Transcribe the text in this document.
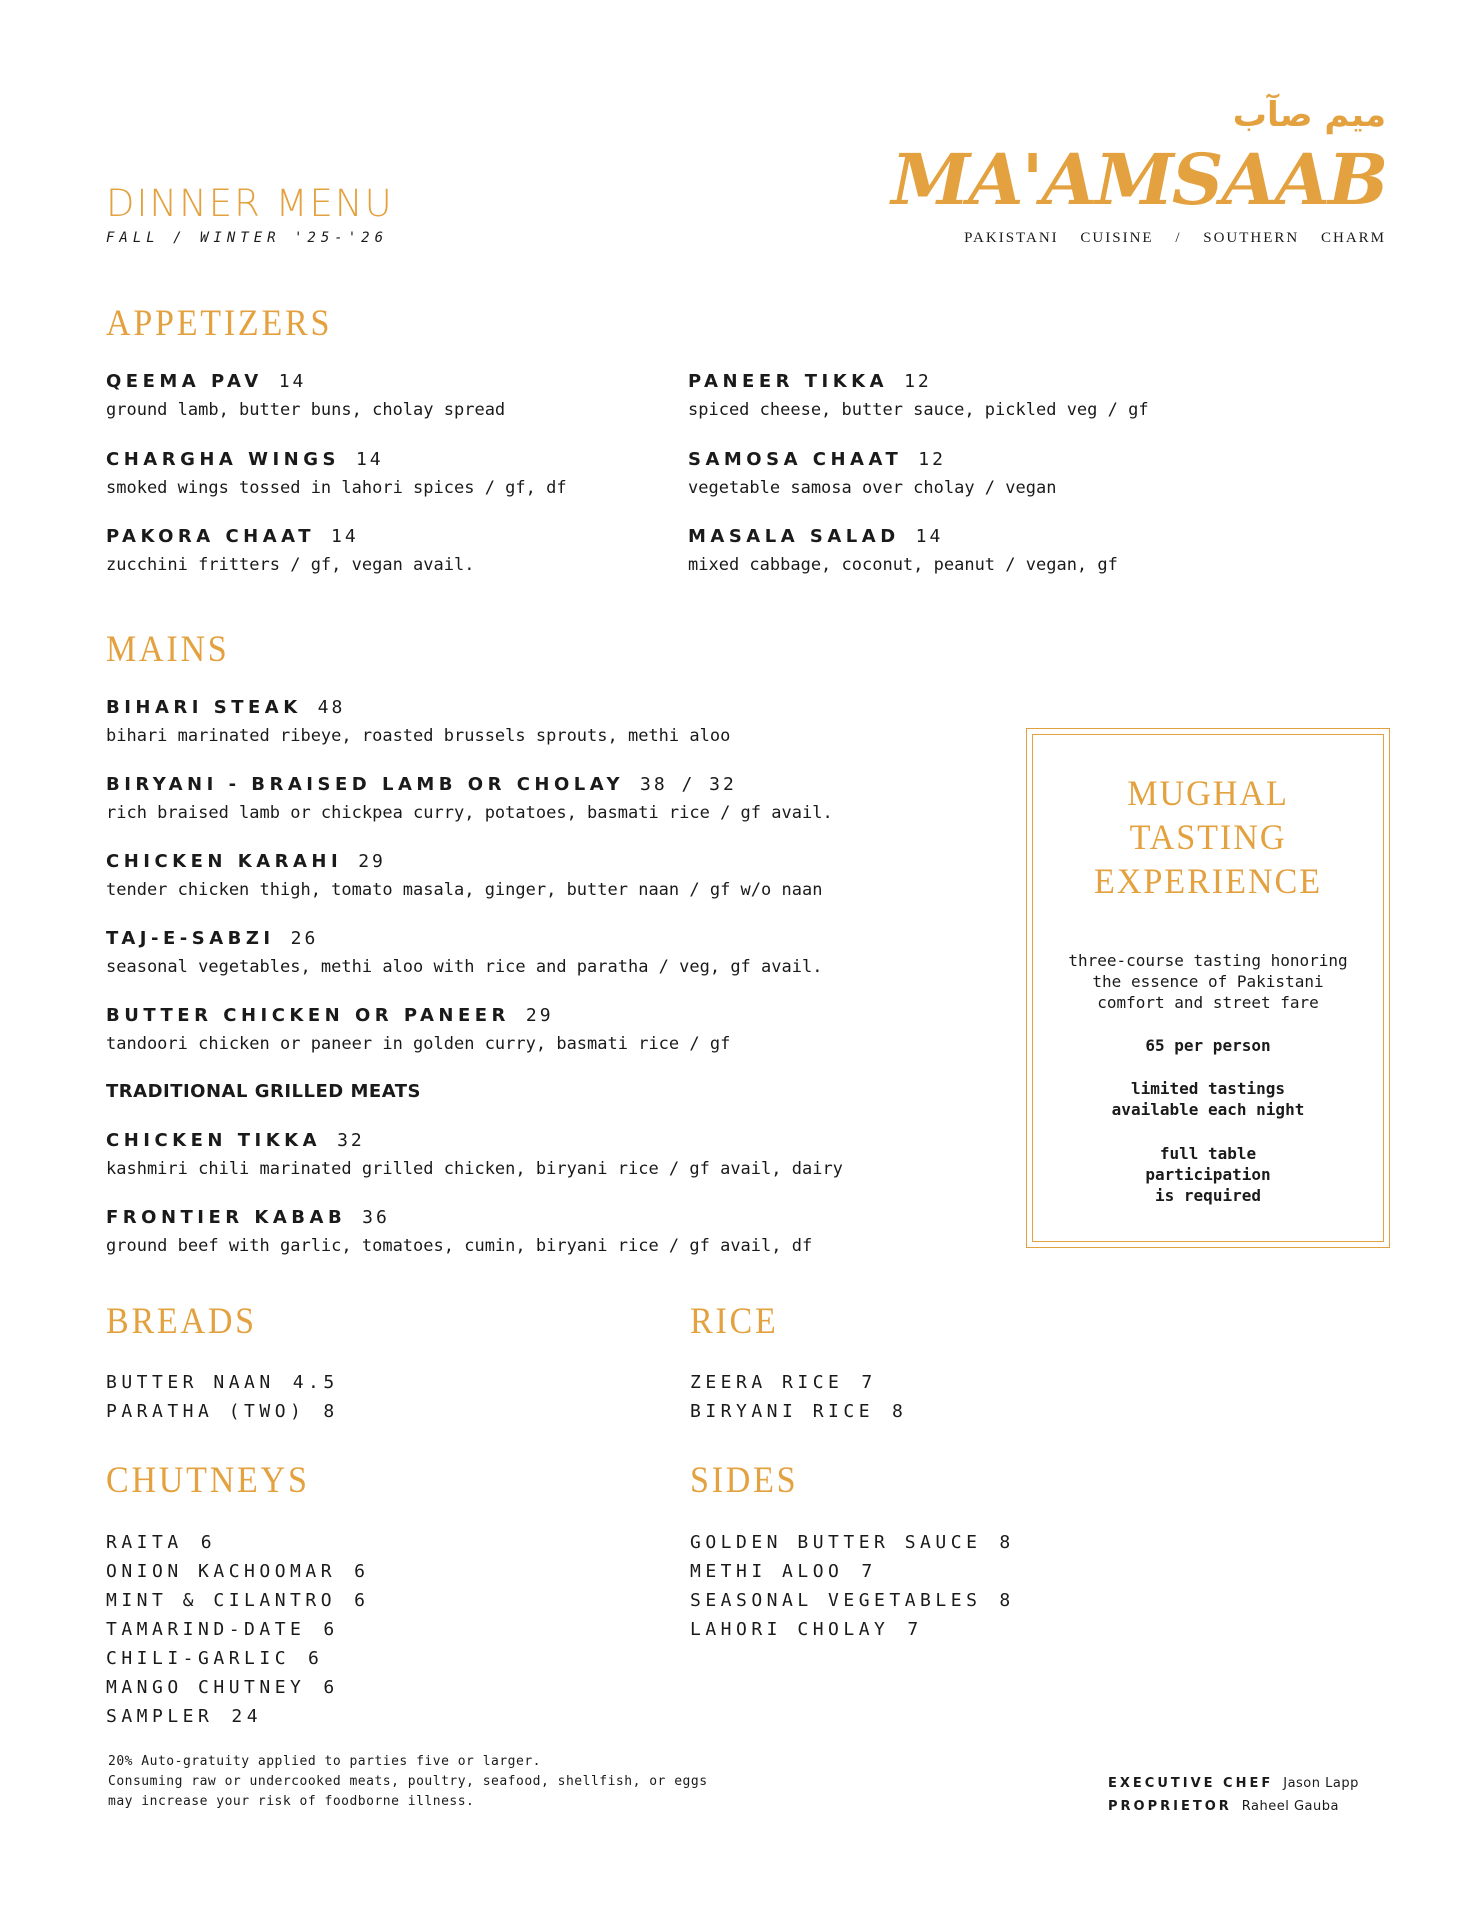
DINNER MENU
FALL / WINTER '25-'26
میم صآب
MA'AMSAAB
PAKISTANI CUISINE / SOUTHERN CHARM
APPETIZERS
QEEMA PAV 14
ground lamb, butter buns, cholay spread
PANEER TIKKA 12
spiced cheese, butter sauce, pickled veg / gf
CHARGHA WINGS 14
smoked wings tossed in lahori spices / gf, df
SAMOSA CHAAT 12
vegetable samosa over cholay / vegan
PAKORA CHAAT 14
zucchini fritters / gf, vegan avail.
MASALA SALAD 14
mixed cabbage, coconut, peanut / vegan, gf
MAINS
BIHARI STEAK 48
bihari marinated ribeye, roasted brussels sprouts, methi aloo
BIRYANI - BRAISED LAMB OR CHOLAY 38 / 32
rich braised lamb or chickpea curry, potatoes, basmati rice / gf avail.
CHICKEN KARAHI 29
tender chicken thigh, tomato masala, ginger, butter naan / gf w/o naan
TAJ-E-SABZI 26
seasonal vegetables, methi aloo with rice and paratha / veg, gf avail.
BUTTER CHICKEN OR PANEER 29
tandoori chicken or paneer in golden curry, basmati rice / gf
TRADITIONAL GRILLED MEATS
CHICKEN TIKKA 32
kashmiri chili marinated grilled chicken, biryani rice / gf avail, dairy
FRONTIER KABAB 36
ground beef with garlic, tomatoes, cumin, biryani rice / gf avail, df
MUGHAL
TASTING
EXPERIENCE
three-course tasting honoring
the essence of Pakistani
comfort and street fare
65 per person
limited tastings
available each night
full table
participation
is required
BREADS
BUTTER NAAN 4.5
PARATHA (TWO) 8
RICE
ZEERA RICE 7
BIRYANI RICE 8
CHUTNEYS
RAITA 6
ONION KACHOOMAR 6
MINT & CILANTRO 6
TAMARIND-DATE 6
CHILI-GARLIC 6
MANGO CHUTNEY 6
SAMPLER 24
SIDES
GOLDEN BUTTER SAUCE 8
METHI ALOO 7
SEASONAL VEGETABLES 8
LAHORI CHOLAY 7
20% Auto-gratuity applied to parties five or larger.
Consuming raw or undercooked meats, poultry, seafood, shellfish, or eggs
may increase your risk of foodborne illness.
EXECUTIVE CHEF Jason Lapp
PROPRIETOR Raheel Gauba
